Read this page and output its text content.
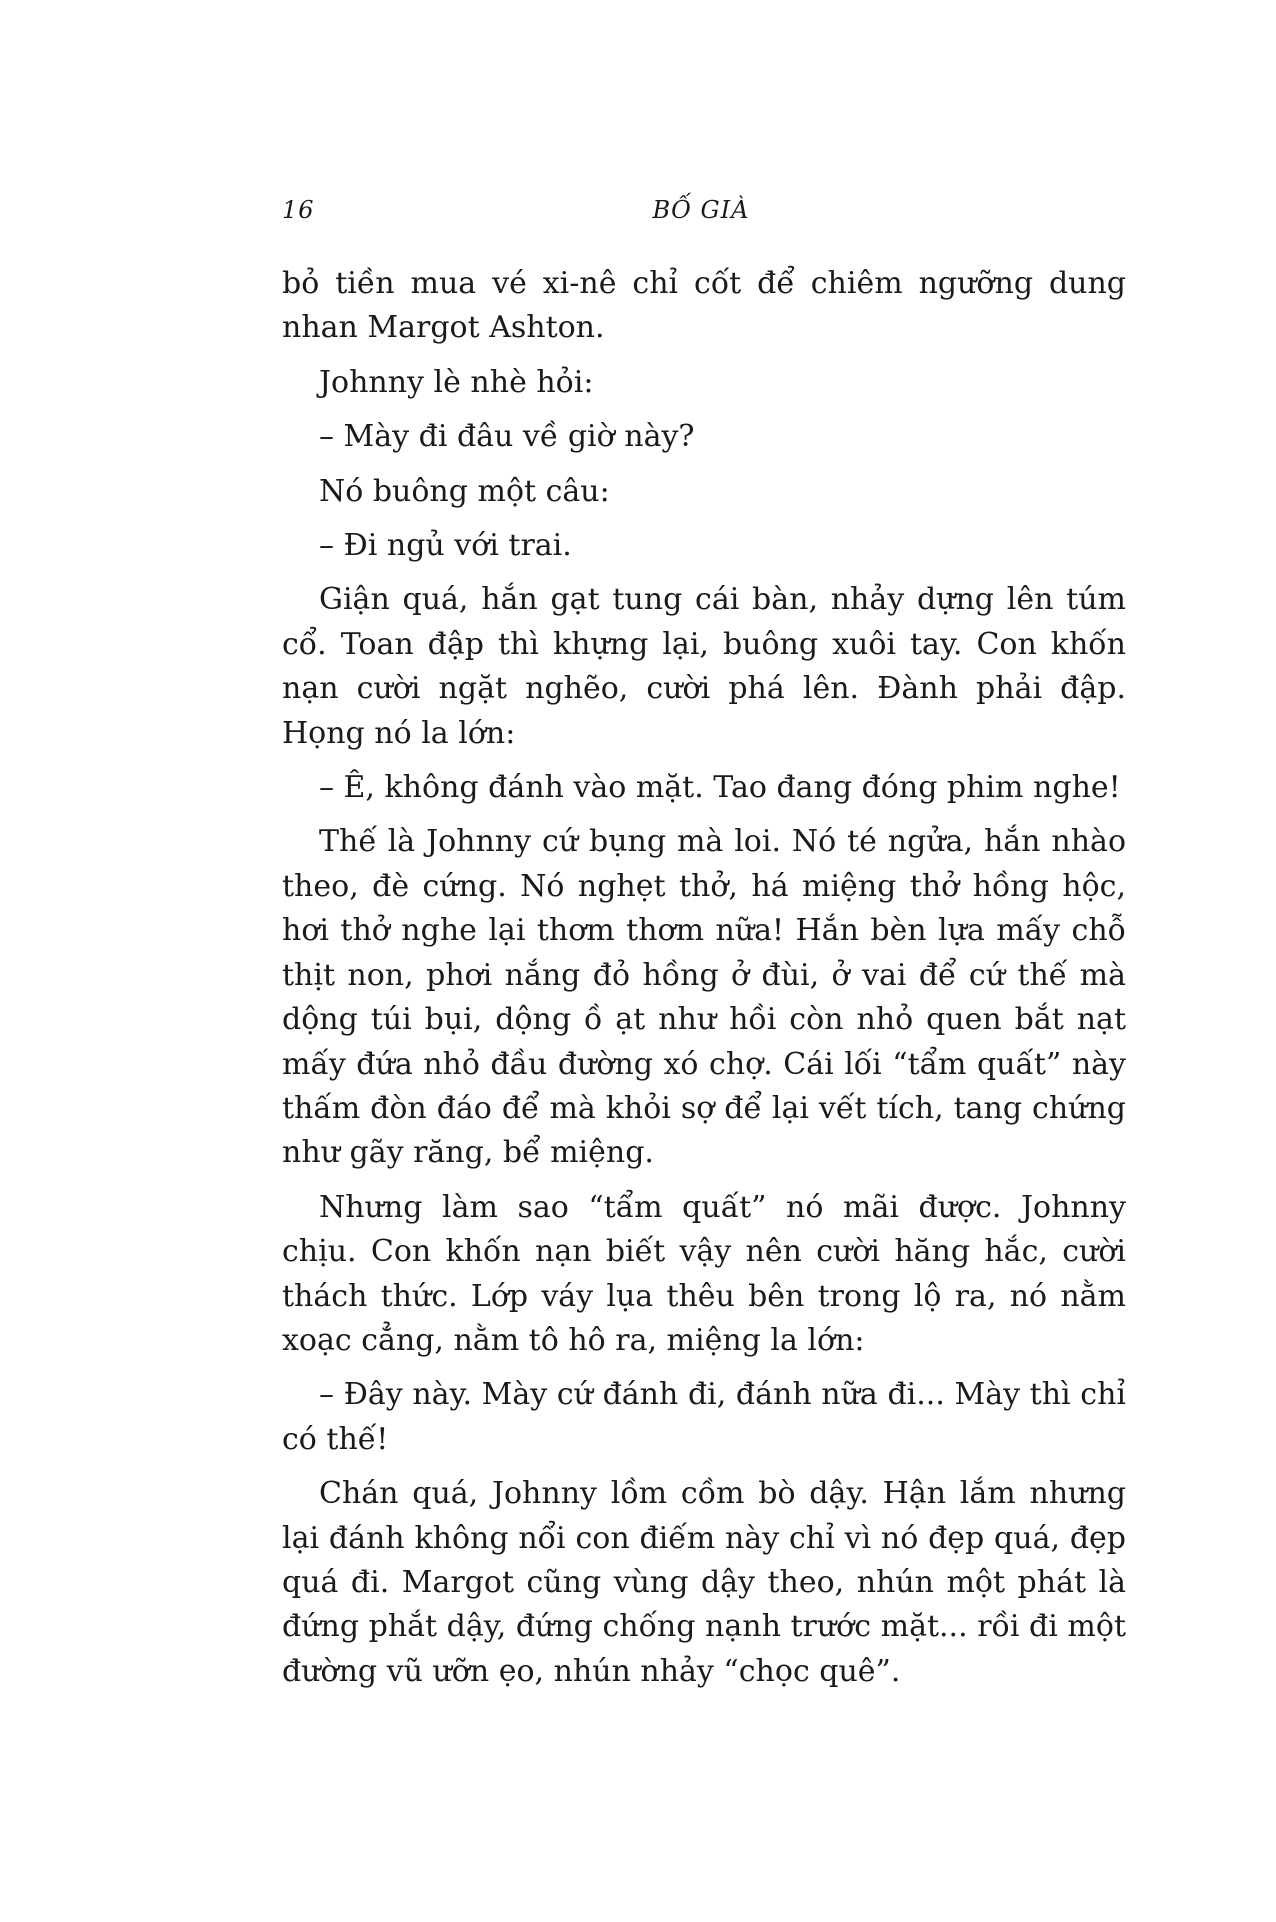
16	BỐ GIÀ

bỏ tiền mua vé xi-nê chỉ cốt để chiêm ngưỡng dung nhan Margot Ashton.

Johnny lè nhè hỏi:

– Mày đi đâu về giờ này?

Nó buông một câu:

– Đi ngủ với trai.

Giận quá, hắn gạt tung cái bàn, nhảy dựng lên túm cổ. Toan đập thì khựng lại, buông xuôi tay. Con khốn nạn cười ngặt nghẽo, cười phá lên. Đành phải đập. Họng nó la lớn:

– Ê, không đánh vào mặt. Tao đang đóng phim nghe!

Thế là Johnny cứ bụng mà loi. Nó té ngửa, hắn nhào theo, đè cứng. Nó nghẹt thở, há miệng thở hồng hộc, hơi thở nghe lại thơm thơm nữa! Hắn bèn lựa mấy chỗ thịt non, phơi nắng đỏ hồng ở đùi, ở vai để cứ thế mà dộng túi bụi, dộng ồ ạt như hồi còn nhỏ quen bắt nạt mấy đứa nhỏ đầu đường xó chợ. Cái lối “tẩm quất” này thấm đòn đáo để mà khỏi sợ để lại vết tích, tang chứng như gãy răng, bể miệng.

Nhưng làm sao “tẩm quất” nó mãi được. Johnny chịu. Con khốn nạn biết vậy nên cười hăng hắc, cười thách thức. Lớp váy lụa thêu bên trong lộ ra, nó nằm xoạc cẳng, nằm tô hô ra, miệng la lớn:

– Đây này. Mày cứ đánh đi, đánh nữa đi... Mày thì chỉ có thế!

Chán quá, Johnny lồm cồm bò dậy. Hận lắm nhưng lại đánh không nổi con điếm này chỉ vì nó đẹp quá, đẹp quá đi. Margot cũng vùng dậy theo, nhún một phát là đứng phắt dậy, đứng chống nạnh trước mặt... rồi đi một đường vũ ưỡn ẹo, nhún nhảy “chọc quê”.
